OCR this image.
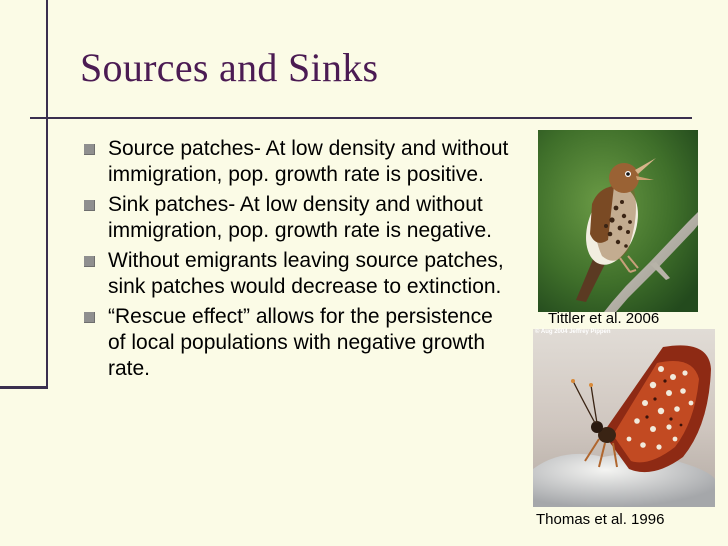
Sources and Sinks
Source patches- At low density and without immigration, pop. growth rate is positive.
Sink patches- At low density and without immigration, pop. growth rate is negative.
Without emigrants leaving source patches, sink patches would decrease to extinction.
“Rescue effect” allows for the persistence of local populations with negative growth rate.
Tittler et al. 2006
© Aug 2004 Jeffrey Pippen
Thomas et al. 1996
